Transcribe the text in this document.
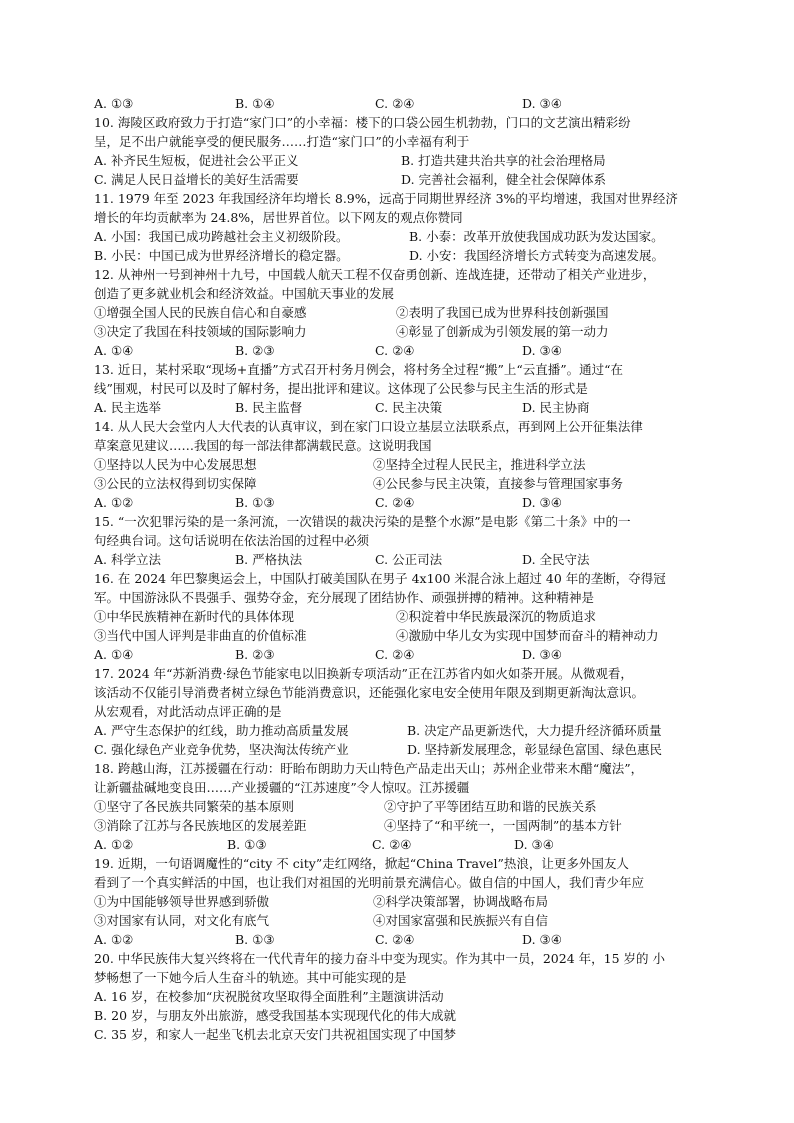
A. ①③	B. ①④	C. ②④	D. ③④
10. 海陵区政府致力于打造“家门口”的小幸福：楼下的口袋公园生机勃勃，门口的文艺演出精彩纷
呈，足不出户就能享受的便民服务……打造“家门口”的小幸福有利于
A. 补齐民生短板，促进社会公平正义	B. 打造共建共治共享的社会治理格局
C. 满足人民日益增长的美好生活需要	D. 完善社会福利，健全社会保障体系
11. 1979 年至 2023 年我国经济年均增长 8.9%，远高于同期世界经济 3%的平均增速，我国对世界经济
增长的年均贡献率为 24.8%，居世界首位。以下网友的观点你赞同
A. 小国：我国已成功跨越社会主义初级阶段。	B. 小泰：改革开放使我国成功跃为发达国家。
B. 小民：中国已成为世界经济增长的稳定器。	D. 小安：我国经济增长方式转变为高速发展。
12. 从神州一号到神州十九号，中国载人航天工程不仅奋勇创新、连战连捷，还带动了相关产业进步，
创造了更多就业机会和经济效益。中国航天事业的发展
①增强全国人民的民族自信心和自豪感	②表明了我国已成为世界科技创新强国
③决定了我国在科技领域的国际影响力	④彰显了创新成为引领发展的第一动力
A. ①④	B. ②③	C. ②④	D. ③④
13. 近日，某村采取“现场+直播”方式召开村务月例会，将村务全过程“搬”上“云直播”。通过“在
线”围观，村民可以及时了解村务，提出批评和建议。这体现了公民参与民主生活的形式是
A. 民主选举	B. 民主监督	C. 民主决策	D. 民主协商
14. 从人民大会堂内人大代表的认真审议，到在家门口设立基层立法联系点，再到网上公开征集法律
草案意见建议……我国的每一部法律都满载民意。这说明我国
①坚持以人民为中心发展思想	②坚持全过程人民民主，推进科学立法
③公民的立法权得到切实保障	④公民参与民主决策，直接参与管理国家事务
A. ①②	B. ①③	C. ②④	D. ③④
15. “一次犯罪污染的是一条河流，一次错误的裁决污染的是整个水源”是电影《第二十条》中的一
句经典台词。这句话说明在依法治国的过程中必须
A. 科学立法	B. 严格执法	C. 公正司法	D. 全民守法
16. 在 2024 年巴黎奥运会上，中国队打破美国队在男子 4x100 米混合泳上超过 40 年的垄断，夺得冠
军。中国游泳队不畏强手、强势夺金，充分展现了团结协作、顽强拼搏的精神。这种精神是
①中华民族精神在新时代的具体体现	②积淀着中华民族最深沉的物质追求
③当代中国人评判是非曲直的价值标准	④激励中华儿女为实现中国梦而奋斗的精神动力
A. ①④	B. ②③	C. ②④	D. ③④
17. 2024 年“苏新消费·绿色节能家电以旧换新专项活动”正在江苏省内如火如荼开展。从微观看，
该活动不仅能引导消费者树立绿色节能消费意识，还能强化家电安全使用年限及到期更新淘汰意识。
从宏观看，对此活动点评正确的是
A. 严守生态保护的红线，助力推动高质量发展	B. 决定产品更新迭代，大力提升经济循环质量
C. 强化绿色产业竞争优势，坚决淘汰传统产业	D. 坚持新发展理念，彰显绿色富国、绿色惠民
18. 跨越山海，江苏援疆在行动：盱眙布朗助力天山特色产品走出天山；苏州企业带来木醋“魔法”，
让新疆盐碱地变良田……产业援疆的“江苏速度”令人惊叹。江苏援疆
①坚守了各民族共同繁荣的基本原则	②守护了平等团结互助和谐的民族关系
③消除了江苏与各民族地区的发展差距	④坚持了“和平统一，一国两制”的基本方针
A. ①②	B. ①③	C. ②④	D. ③④
19. 近期，一句语调魔性的“city 不 city”走红网络，掀起“China Travel”热浪，让更多外国友人
看到了一个真实鲜活的中国，也让我们对祖国的光明前景充满信心。做自信的中国人，我们青少年应
①为中国能够领导世界感到骄傲	②科学决策部署，协调战略布局
③对国家有认同，对文化有底气	④对国家富强和民族振兴有自信
A. ①②	B. ①③	C. ②④	D. ③④
20. 中华民族伟大复兴终将在一代代青年的接力奋斗中变为现实。作为其中一员，2024 年，15 岁的 小
梦畅想了一下她今后人生奋斗的轨迹。其中可能实现的是
A. 16 岁，在校参加“庆祝脱贫攻坚取得全面胜利”主题演讲活动
B. 20 岁，与朋友外出旅游，感受我国基本实现现代化的伟大成就
C. 35 岁，和家人一起坐飞机去北京天安门共祝祖国实现了中国梦
